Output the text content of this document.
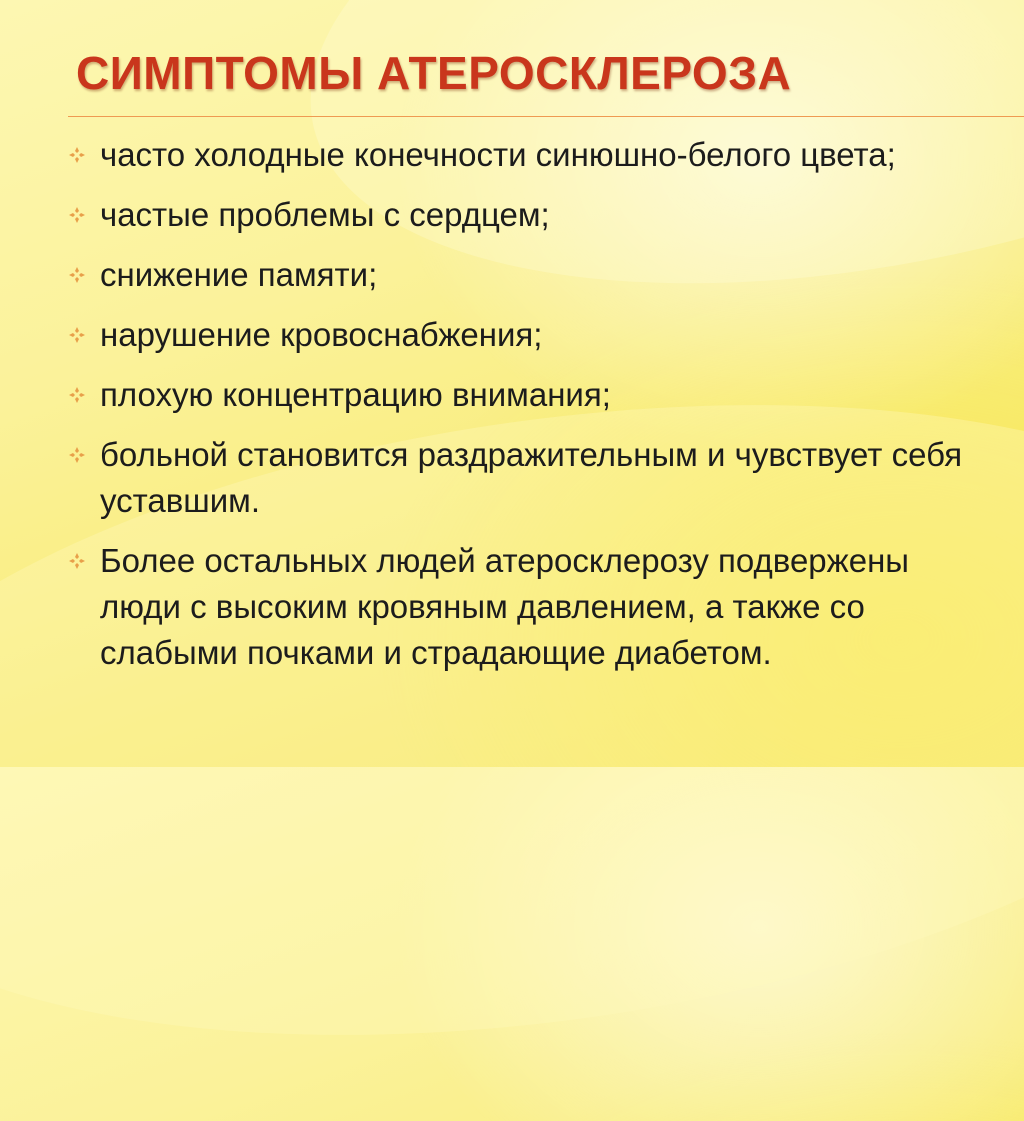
СИМПТОМЫ АТЕРОСКЛЕРОЗА
часто холодные конечности синюшно-белого цвета;
частые проблемы с сердцем;
снижение памяти;
нарушение кровоснабжения;
плохую концентрацию внимания;
больной становится раздражительным и чувствует себя уставшим.
Более остальных людей атеросклерозу подвержены люди с высоким кровяным давлением, а также со слабыми почками и страдающие диабетом.
